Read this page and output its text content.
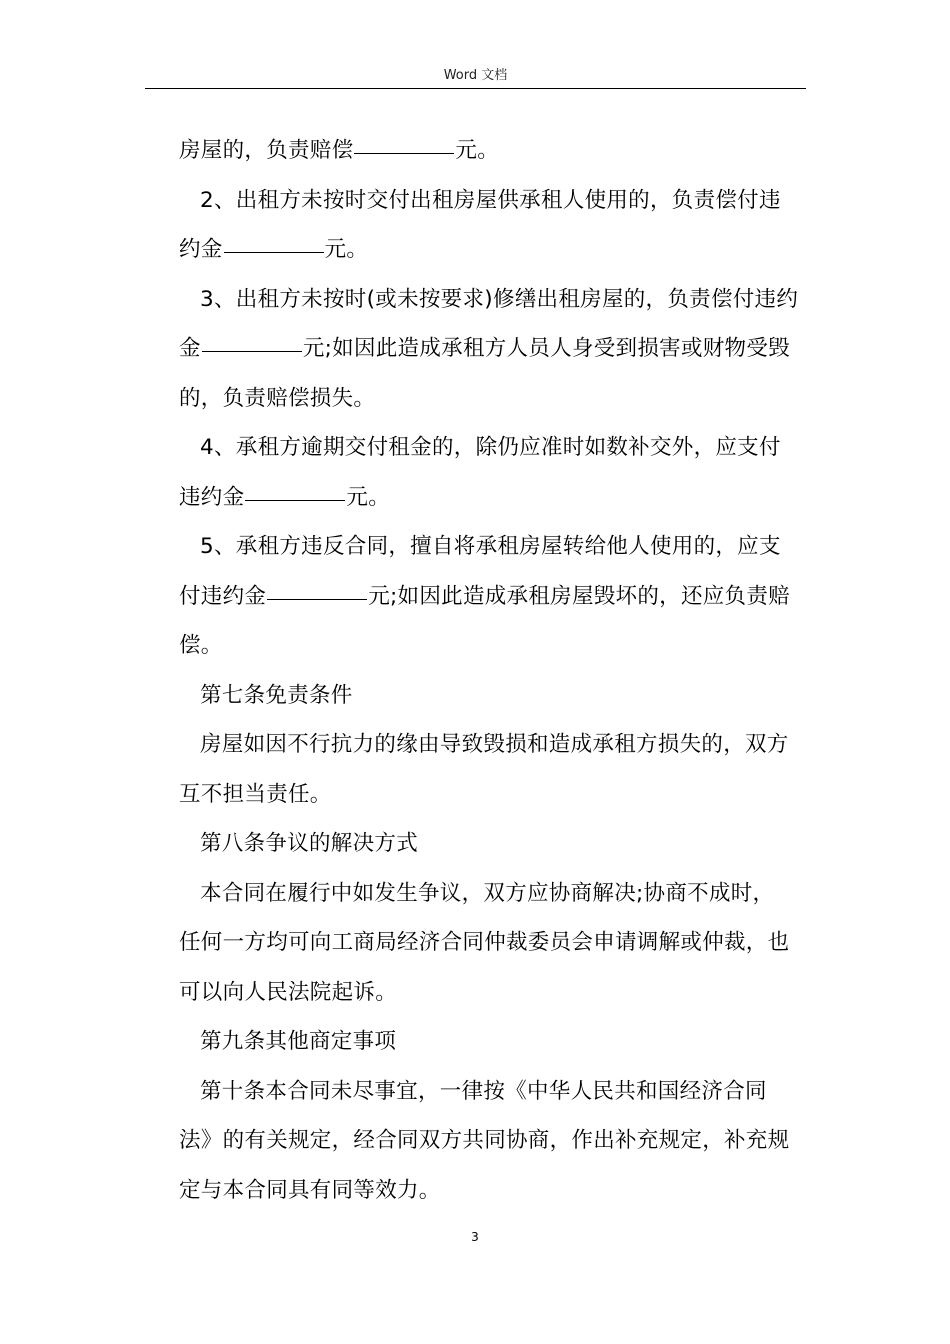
Word 文档
房屋的，负责赔偿	元。
2、出租方未按时交付出租房屋供承租人使用的，负责偿付违
约金	元。
3、出租方未按时(或未按要求)修缮出租房屋的，负责偿付违约
金	元;如因此造成承租方人员人身受到损害或财物受毁
的，负责赔偿损失。
4、承租方逾期交付租金的，除仍应准时如数补交外，应支付
违约金	元。
5、承租方违反合同，擅自将承租房屋转给他人使用的，应支
付违约金	元;如因此造成承租房屋毁坏的，还应负责赔
偿。
第七条免责条件
房屋如因不行抗力的缘由导致毁损和造成承租方损失的，双方
互不担当责任。
第八条争议的解决方式
本合同在履行中如发生争议，双方应协商解决;协商不成时，
任何一方均可向工商局经济合同仲裁委员会申请调解或仲裁，也
可以向人民法院起诉。
第九条其他商定事项
第十条本合同未尽事宜，一律按《中华人民共和国经济合同
法》的有关规定，经合同双方共同协商，作出补充规定，补充规
定与本合同具有同等效力。
3
